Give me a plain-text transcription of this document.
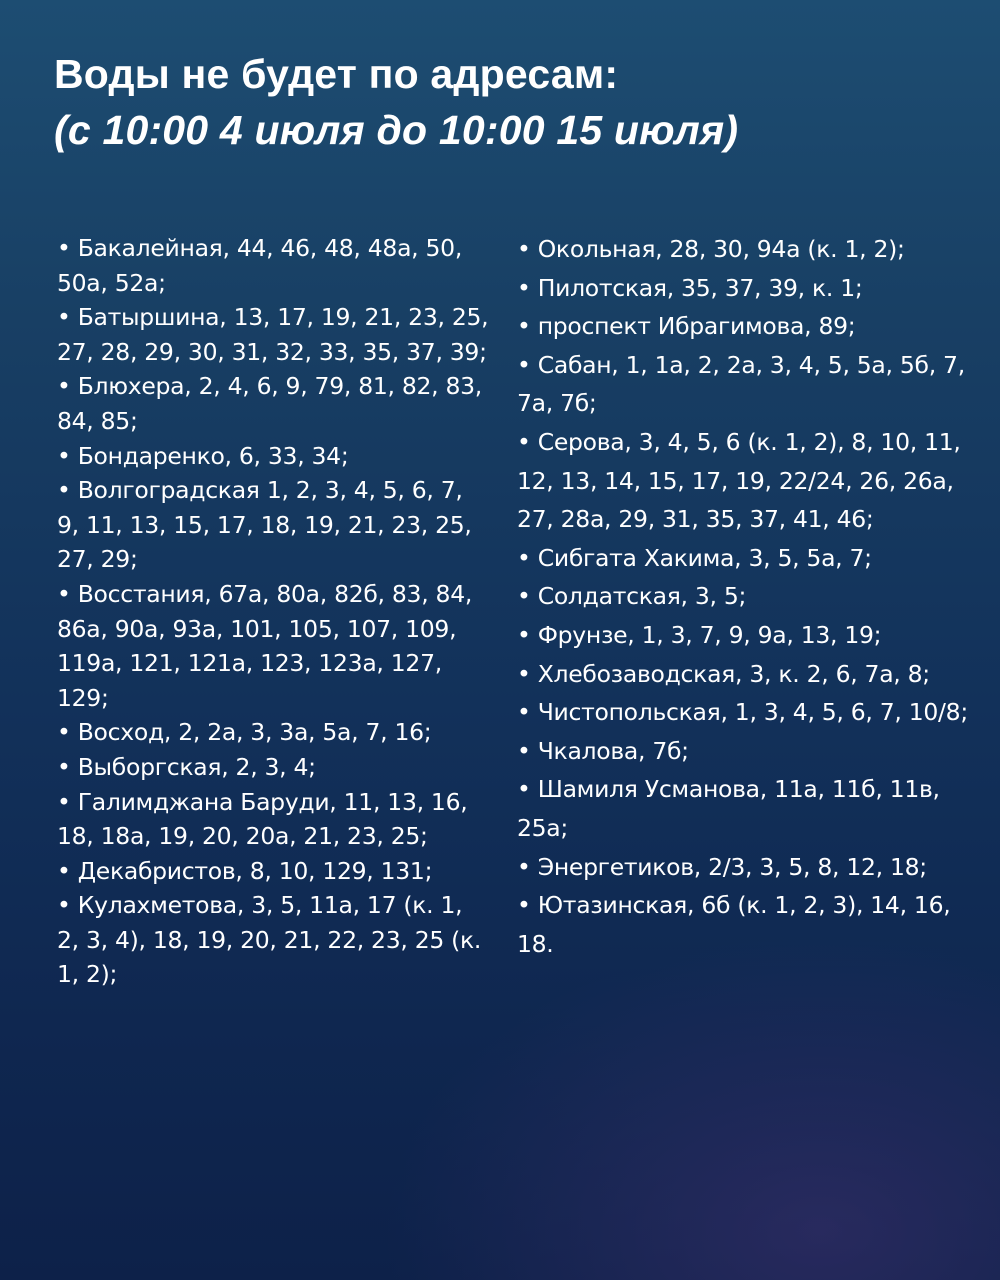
Воды не будет по адресам:
(с 10:00 4 июля до 10:00 15 июля)
• Бакалейная, 44, 46, 48, 48а, 50, 50а, 52а;
• Батыршина, 13, 17, 19, 21, 23, 25, 27, 28, 29, 30, 31, 32, 33, 35, 37, 39;
• Блюхера, 2, 4, 6, 9, 79, 81, 82, 83, 84, 85;
• Бондаренко, 6, 33, 34;
• Волгоградская 1, 2, 3, 4, 5, 6, 7, 9, 11, 13, 15, 17, 18, 19, 21, 23, 25, 27, 29;
• Восстания, 67а, 80а, 82б, 83, 84, 86а, 90а, 93а, 101, 105, 107, 109, 119а, 121, 121а, 123, 123а, 127, 129;
• Восход, 2, 2а, 3, 3а, 5а, 7, 16;
• Выборгская, 2, 3, 4;
• Галимджана Баруди, 11, 13, 16, 18, 18а, 19, 20, 20а, 21, 23, 25;
• Декабристов, 8, 10, 129, 131;
• Кулахметова, 3, 5, 11а, 17 (к. 1, 2, 3, 4), 18, 19, 20, 21, 22, 23, 25 (к. 1, 2);
• Окольная, 28, 30, 94а (к. 1, 2);
• Пилотская, 35, 37, 39, к. 1;
• проспект Ибрагимова, 89;
• Сабан, 1, 1а, 2, 2а, 3, 4, 5, 5а, 5б, 7, 7а, 7б;
• Серова, 3, 4, 5, 6 (к. 1, 2), 8, 10, 11, 12, 13, 14, 15, 17, 19, 22/24, 26, 26а, 27, 28а, 29, 31, 35, 37, 41, 46;
• Сибгата Хакима, 3, 5, 5а, 7;
• Солдатская, 3, 5;
• Фрунзе, 1, 3, 7, 9, 9а, 13, 19;
• Хлебозаводская, 3, к. 2, 6, 7а, 8;
• Чистопольская, 1, 3, 4, 5, 6, 7, 10/8;
• Чкалова, 7б;
• Шамиля Усманова, 11а, 11б, 11в, 25а;
• Энергетиков, 2/3, 3, 5, 8, 12, 18;
• Ютазинская, 6б (к. 1, 2, 3), 14, 16, 18.
